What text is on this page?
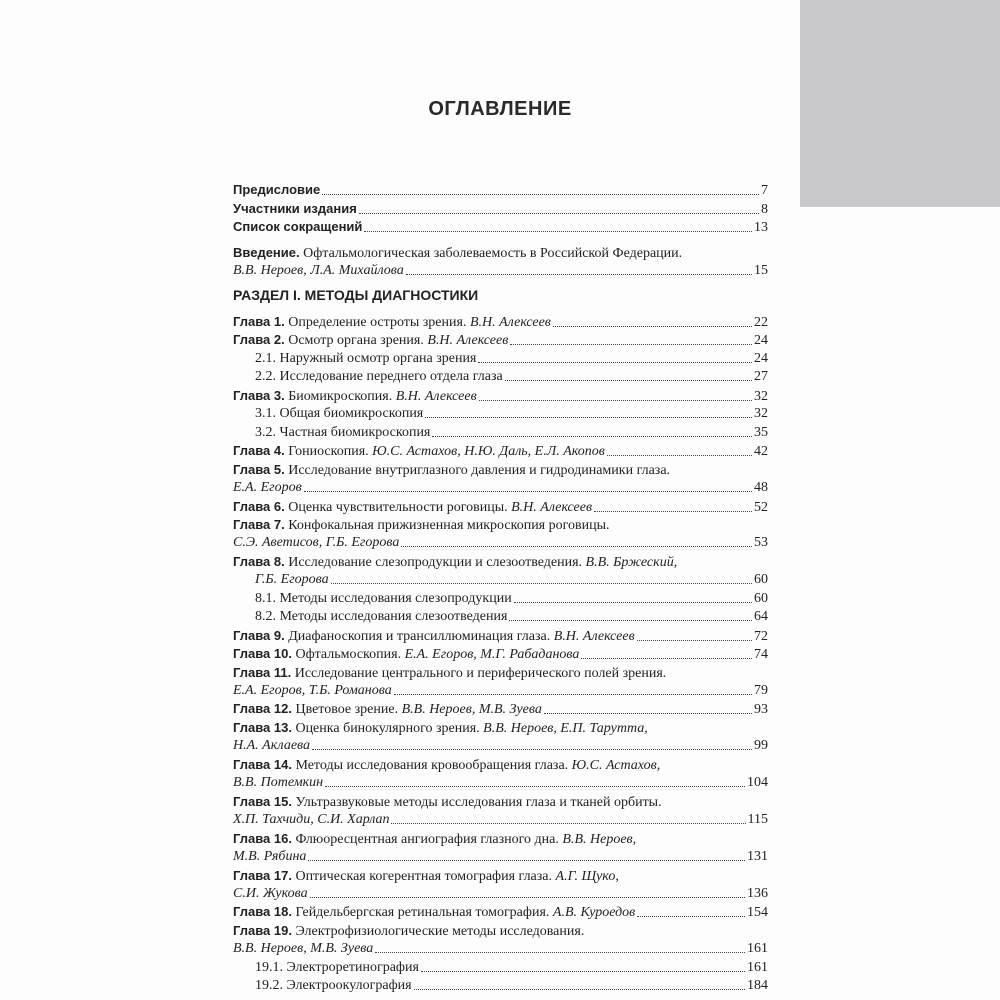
ОГЛАВЛЕНИЕ
Предисловие	7
Участники издания	8
Список сокращений	13
Введение. Офтальмологическая заболеваемость в Российской Федерации.
В.В. Нероев, Л.А. Михайлова	15
РАЗДЕЛ I. МЕТОДЫ ДИАГНОСТИКИ
Глава 1. Определение остроты зрения. В.Н. Алексеев	22
Глава 2. Осмотр органа зрения. В.Н. Алексеев	24
2.1. Наружный осмотр органа зрения	24
2.2. Исследование переднего отдела глаза	27
Глава 3. Биомикроскопия. В.Н. Алексеев	32
3.1. Общая биомикроскопия	32
3.2. Частная биомикроскопия	35
Глава 4. Гониоскопия. Ю.С. Астахов, Н.Ю. Даль, Е.Л. Акопов	42
Глава 5. Исследование внутриглазного давления и гидродинамики глаза.
Е.А. Егоров	48
Глава 6. Оценка чувствительности роговицы. В.Н. Алексеев	52
Глава 7. Конфокальная прижизненная микроскопия роговицы.
С.Э. Аветисов, Г.Б. Егорова	53
Глава 8. Исследование слезопродукции и слезоотведения. В.В. Бржеский,
Г.Б. Егорова	60
8.1. Методы исследования слезопродукции	60
8.2. Методы исследования слезоотведения	64
Глава 9. Диафаноскопия и трансиллюминация глаза. В.Н. Алексеев	72
Глава 10. Офтальмоскопия. Е.А. Егоров, М.Г. Рабаданова	74
Глава 11. Исследование центрального и периферического полей зрения.
Е.А. Егоров, Т.Б. Романова	79
Глава 12. Цветовое зрение. В.В. Нероев, М.В. Зуева	93
Глава 13. Оценка бинокулярного зрения. В.В. Нероев, Е.П. Тарутта,
Н.А. Аклаева	99
Глава 14. Методы исследования кровообращения глаза. Ю.С. Астахов,
В.В. Потемкин	104
Глава 15. Ультразвуковые методы исследования глаза и тканей орбиты.
Х.П. Тахчиди, С.И. Харлап	115
Глава 16. Флюоресцентная ангиография глазного дна. В.В. Нероев,
М.В. Рябина	131
Глава 17. Оптическая когерентная томография глаза. А.Г. Щуко,
С.И. Жукова	136
Глава 18. Гейдельбергская ретинальная томография. А.В. Куроедов	154
Глава 19. Электрофизиологические методы исследования.
В.В. Нероев, М.В. Зуева	161
19.1. Электроретинография	161
19.2. Электроокулография	184
